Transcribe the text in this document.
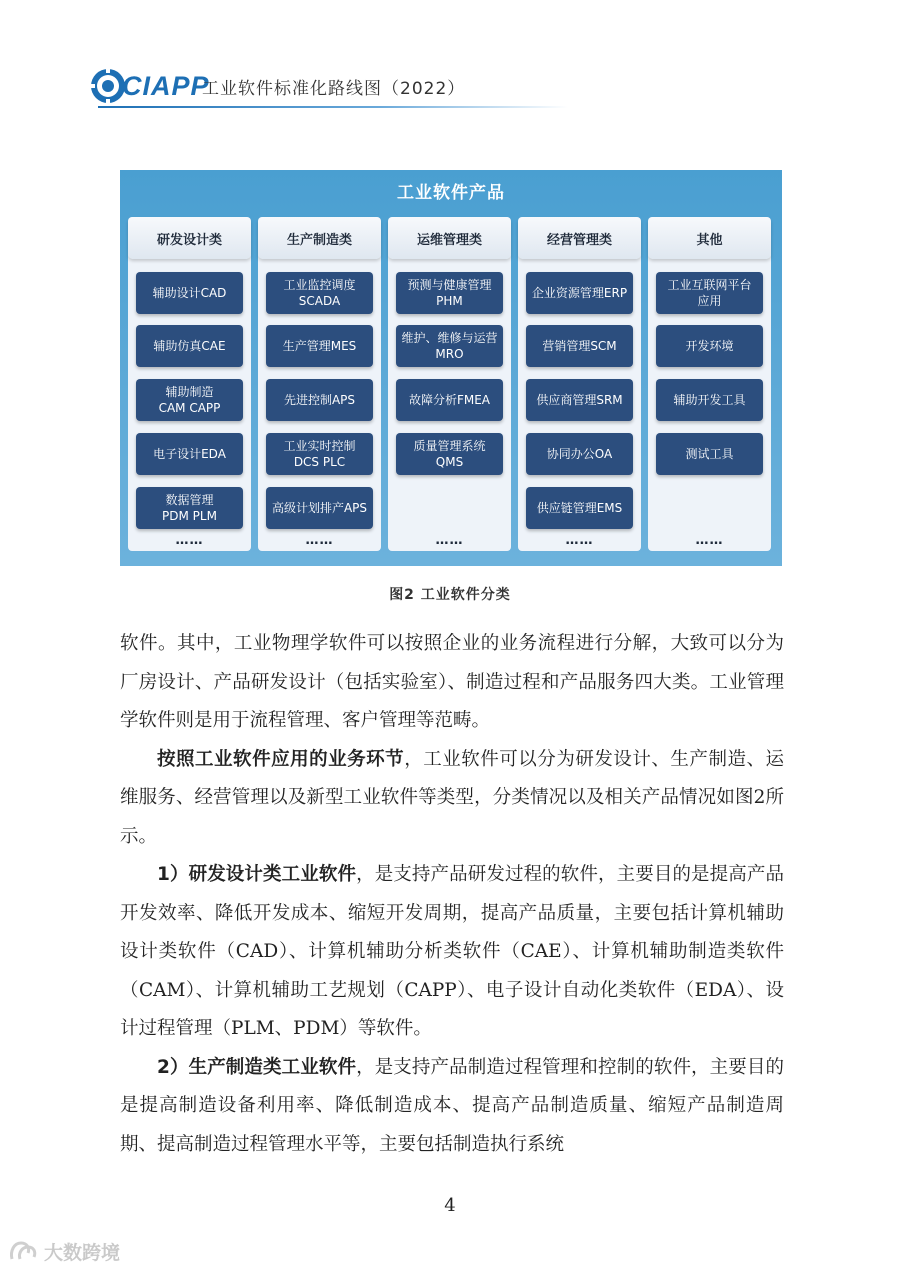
CIAPP
工业软件标准化路线图（2022）
工业软件产品
研发设计类
辅助设计CAD
辅助仿真CAE
辅助制造
CAM CAPP
电子设计EDA
数据管理
PDM PLM
……
生产制造类
工业监控调度
SCADA
生产管理MES
先进控制APS
工业实时控制
DCS PLC
高级计划排产APS
……
运维管理类
预测与健康管理
PHM
维护、维修与运营
MRO
故障分析FMEA
质量管理系统
QMS
……
经营管理类
企业资源管理ERP
营销管理SCM
供应商管理SRM
协同办公OA
供应链管理EMS
……
其他
工业互联网平台
应用
开发环境
辅助开发工具
测试工具
……
图2 工业软件分类

软件。其中，工业物理学软件可以按照企业的业务流程进行分解，大致可以分为厂房设计、产品研发设计（包括实验室）、制造过程和产品服务四大类。工业管理学软件则是用于流程管理、客户管理等范畴。

按照工业软件应用的业务环节，工业软件可以分为研发设计、生产制造、运维服务、经营管理以及新型工业软件等类型，分类情况以及相关产品情况如图2所示。

1）研发设计类工业软件，是支持产品研发过程的软件，主要目的是提高产品开发效率、降低开发成本、缩短开发周期，提高产品质量，主要包括计算机辅助设计类软件（CAD）、计算机辅助分析类软件（CAE）、计算机辅助制造类软件（CAM）、计算机辅助工艺规划（CAPP）、电子设计自动化类软件（EDA）、设计过程管理（PLM、PDM）等软件。

2）生产制造类工业软件，是支持产品制造过程管理和控制的软件，主要目的是提高制造设备利用率、降低制造成本、提高产品制造质量、缩短产品制造周期、提高制造过程管理水平等，主要包括制造执行系统

4
大数跨境
